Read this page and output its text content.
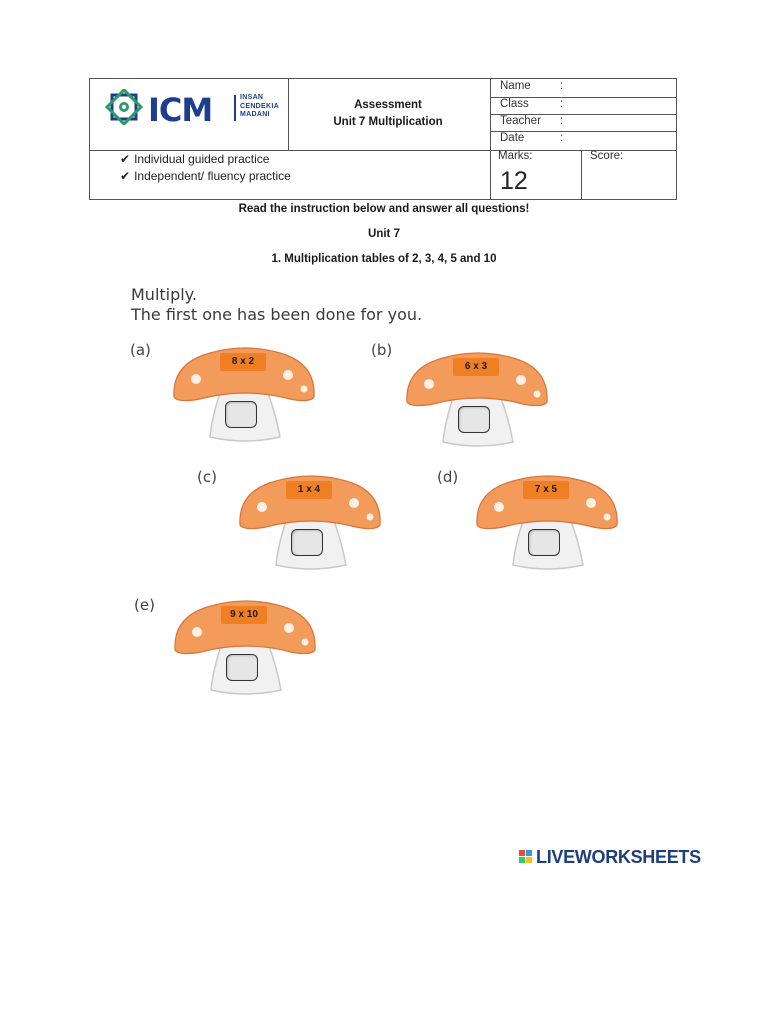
ICM	INSAN
CENDEKIA
MADANI
Assessment
Unit 7 Multiplication
Name	:
Class	:
Teacher :
Date	:
✔ Individual guided practice
✔ Independent/ fluency practice
Marks:
12
Score:
Read the instruction below and answer all questions!
Unit 7
1. Multiplication tables of 2, 3, 4, 5 and 10
Multiply.
The first one has been done for you.
(a)
8 x 2
(b)
6 x 3
(c)
1 x 4
(d)
7 x 5
(e)
9 x 10
LIVEWORKSHEETS
